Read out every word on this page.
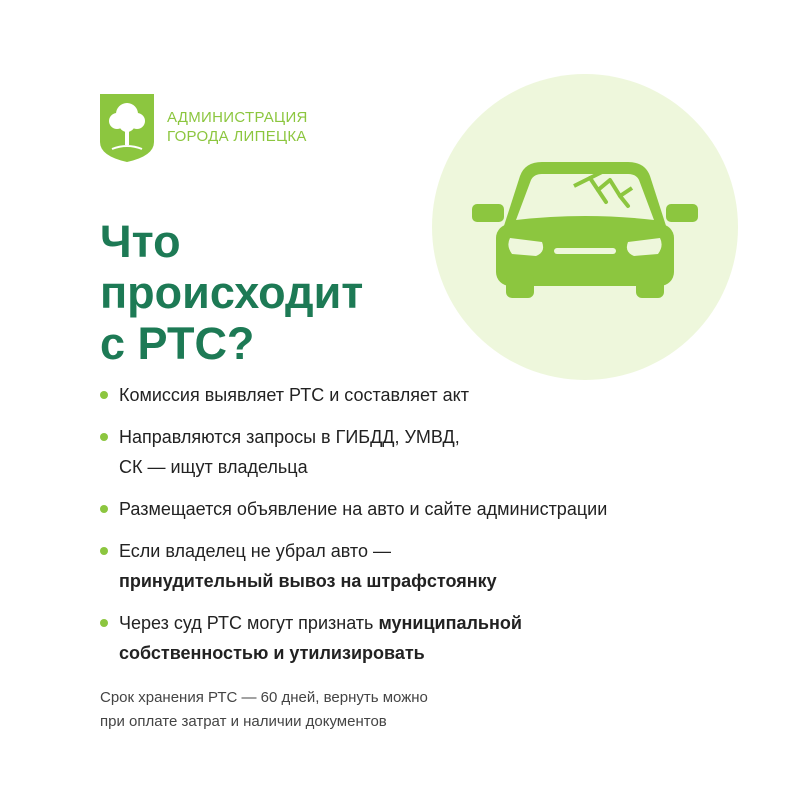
АДМИНИСТРАЦИЯ
ГОРОДА ЛИПЕЦКА
Что
происходит
с РТС?
Комиссия выявляет РТС и составляет акт
Направляются запросы в ГИБДД, УМВД,
СК — ищут владельца
Размещается объявление на авто и сайте администрации
Если владелец не убрал авто —
принудительный вывоз на штрафстоянку
Через суд РТС могут признать муниципальной
собственностью и утилизировать
Срок хранения РТС — 60 дней, вернуть можно
при оплате затрат и наличии документов
